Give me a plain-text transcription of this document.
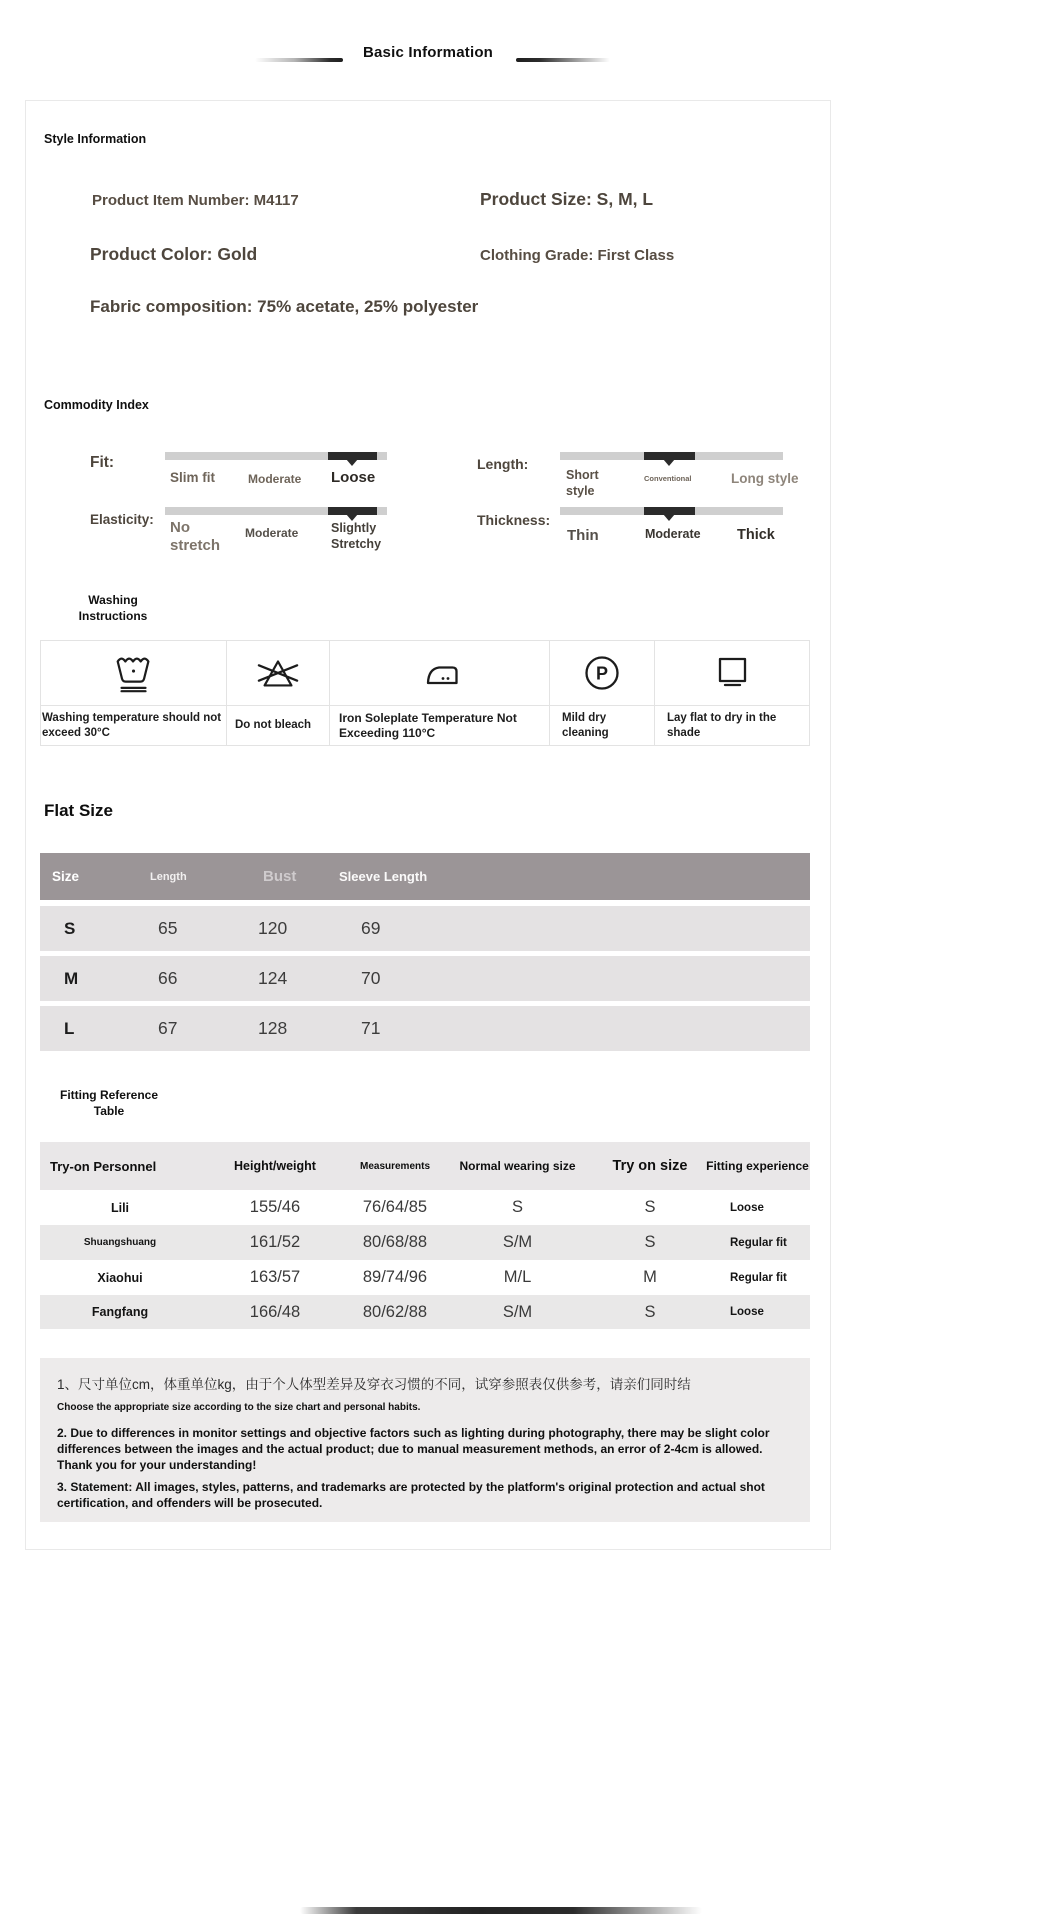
Basic Information
Style Information
Product Item Number: M4117	Product Size: S, M, L
Product Color: Gold	Clothing Grade: First Class
Fabric composition: 75% acetate, 25% polyester
Commodity Index
Fit:
Slim fit	Moderate Loose
Length:
Short style
Conventional	Long style
Elasticity: No stretch
Moderate	Slightly Stretchy
Thickness:
Thin	Moderate	Thick
Washing Instructions
P
Washing temperature should not exceed 30°C
Do not bleach
Iron Soleplate Temperature Not Exceeding 110°C
Mild dry cleaning
Lay flat to dry in the shade
Flat Size
Size	Length	Bust	Sleeve Length
S	65	120	69
M	66	124	70
L	67	128	71
Fitting Reference Table
Try-on Personnel	Height/weight	Measurements	Normal wearing size	Try on size	Fitting experience
Lili	155/46	76/64/85	S	S	Loose
Shuangshuang	161/52	80/68/88	S/M	S	Regular fit
Xiaohui	163/57	89/74/96	M/L	M	Regular fit
Fangfang	166/48	80/62/88	S/M	S	Loose

1、尺寸单位cm，体重单位kg，由于个人体型差异及穿衣习惯的不同，试穿参照表仅供参考，请亲们同时结

Choose the appropriate size according to the size chart and personal habits.

2. Due to differences in monitor settings and objective factors such as lighting during photography, there may be slight color differences between the images and the actual product; due to manual measurement methods, an error of 2-4cm is allowed. Thank you for your understanding!

3. Statement: All images, styles, patterns, and trademarks are protected by the platform's original protection and actual shot certification, and offenders will be prosecuted.
